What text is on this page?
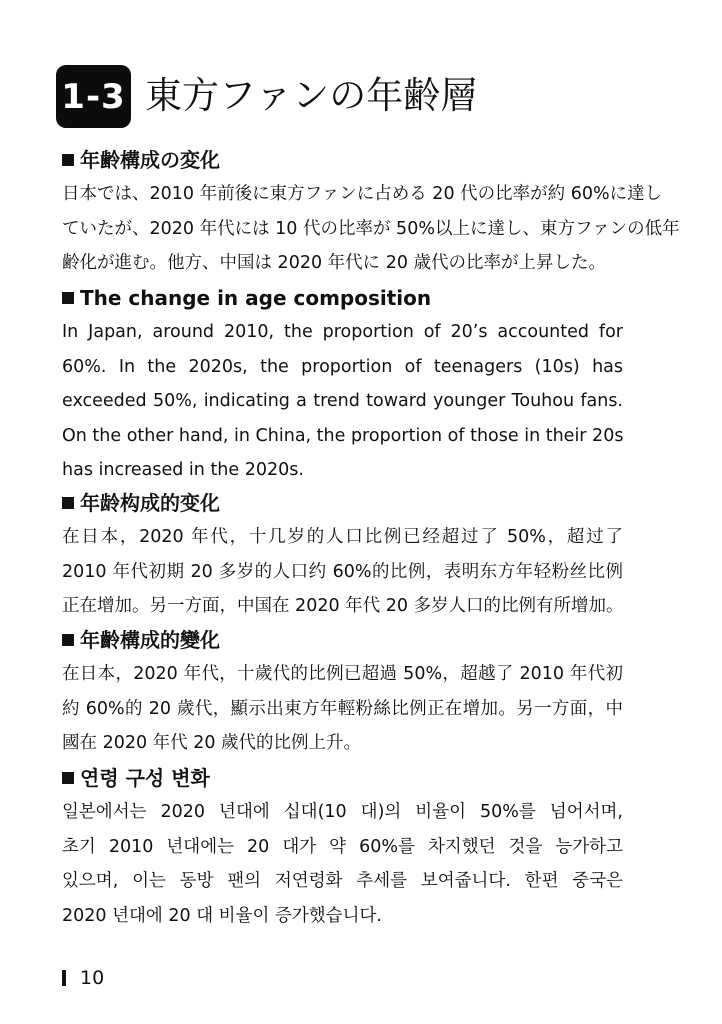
1-3 東方ファンの年齢層
年齢構成の変化
日本では、2010 年前後に東方ファンに占める 20 代の比率が約 60%に達し
ていたが、2020 年代には 10 代の比率が 50%以上に達し、東方ファンの低年
齢化が進む。他方、中国は 2020 年代に 20 歳代の比率が上昇した。
The change in age composition
In Japan, around 2010, the proportion of 20’s accounted for
60%. In the 2020s, the proportion of teenagers (10s) has
exceeded 50%, indicating a trend toward younger Touhou fans.
On the other hand, in China, the proportion of those in their 20s
has increased in the 2020s.
年龄构成的变化
在日本，2020 年代，十几岁的人口比例已经超过了 50%，超过了
2010 年代初期 20 多岁的人口约 60%的比例，表明东方年轻粉丝比例
正在增加。另一方面，中国在 2020 年代 20 多岁人口的比例有所增加。
年齡構成的變化
在日本，2020 年代，十歲代的比例已超過 50%，超越了 2010 年代初
約 60%的 20 歲代，顯示出東方年輕粉絲比例正在增加。另一方面，中
國在 2020 年代 20 歲代的比例上升。
연령 구성 변화
일본에서는 2020 년대에 십대(10 대)의 비율이 50%를 넘어서며,
초기 2010 년대에는 20 대가 약 60%를 차지했던 것을 능가하고
있으며, 이는 동방 팬의 저연령화 추세를 보여줍니다. 한편 중국은
2020 년대에 20 대 비율이 증가했습니다.
10
